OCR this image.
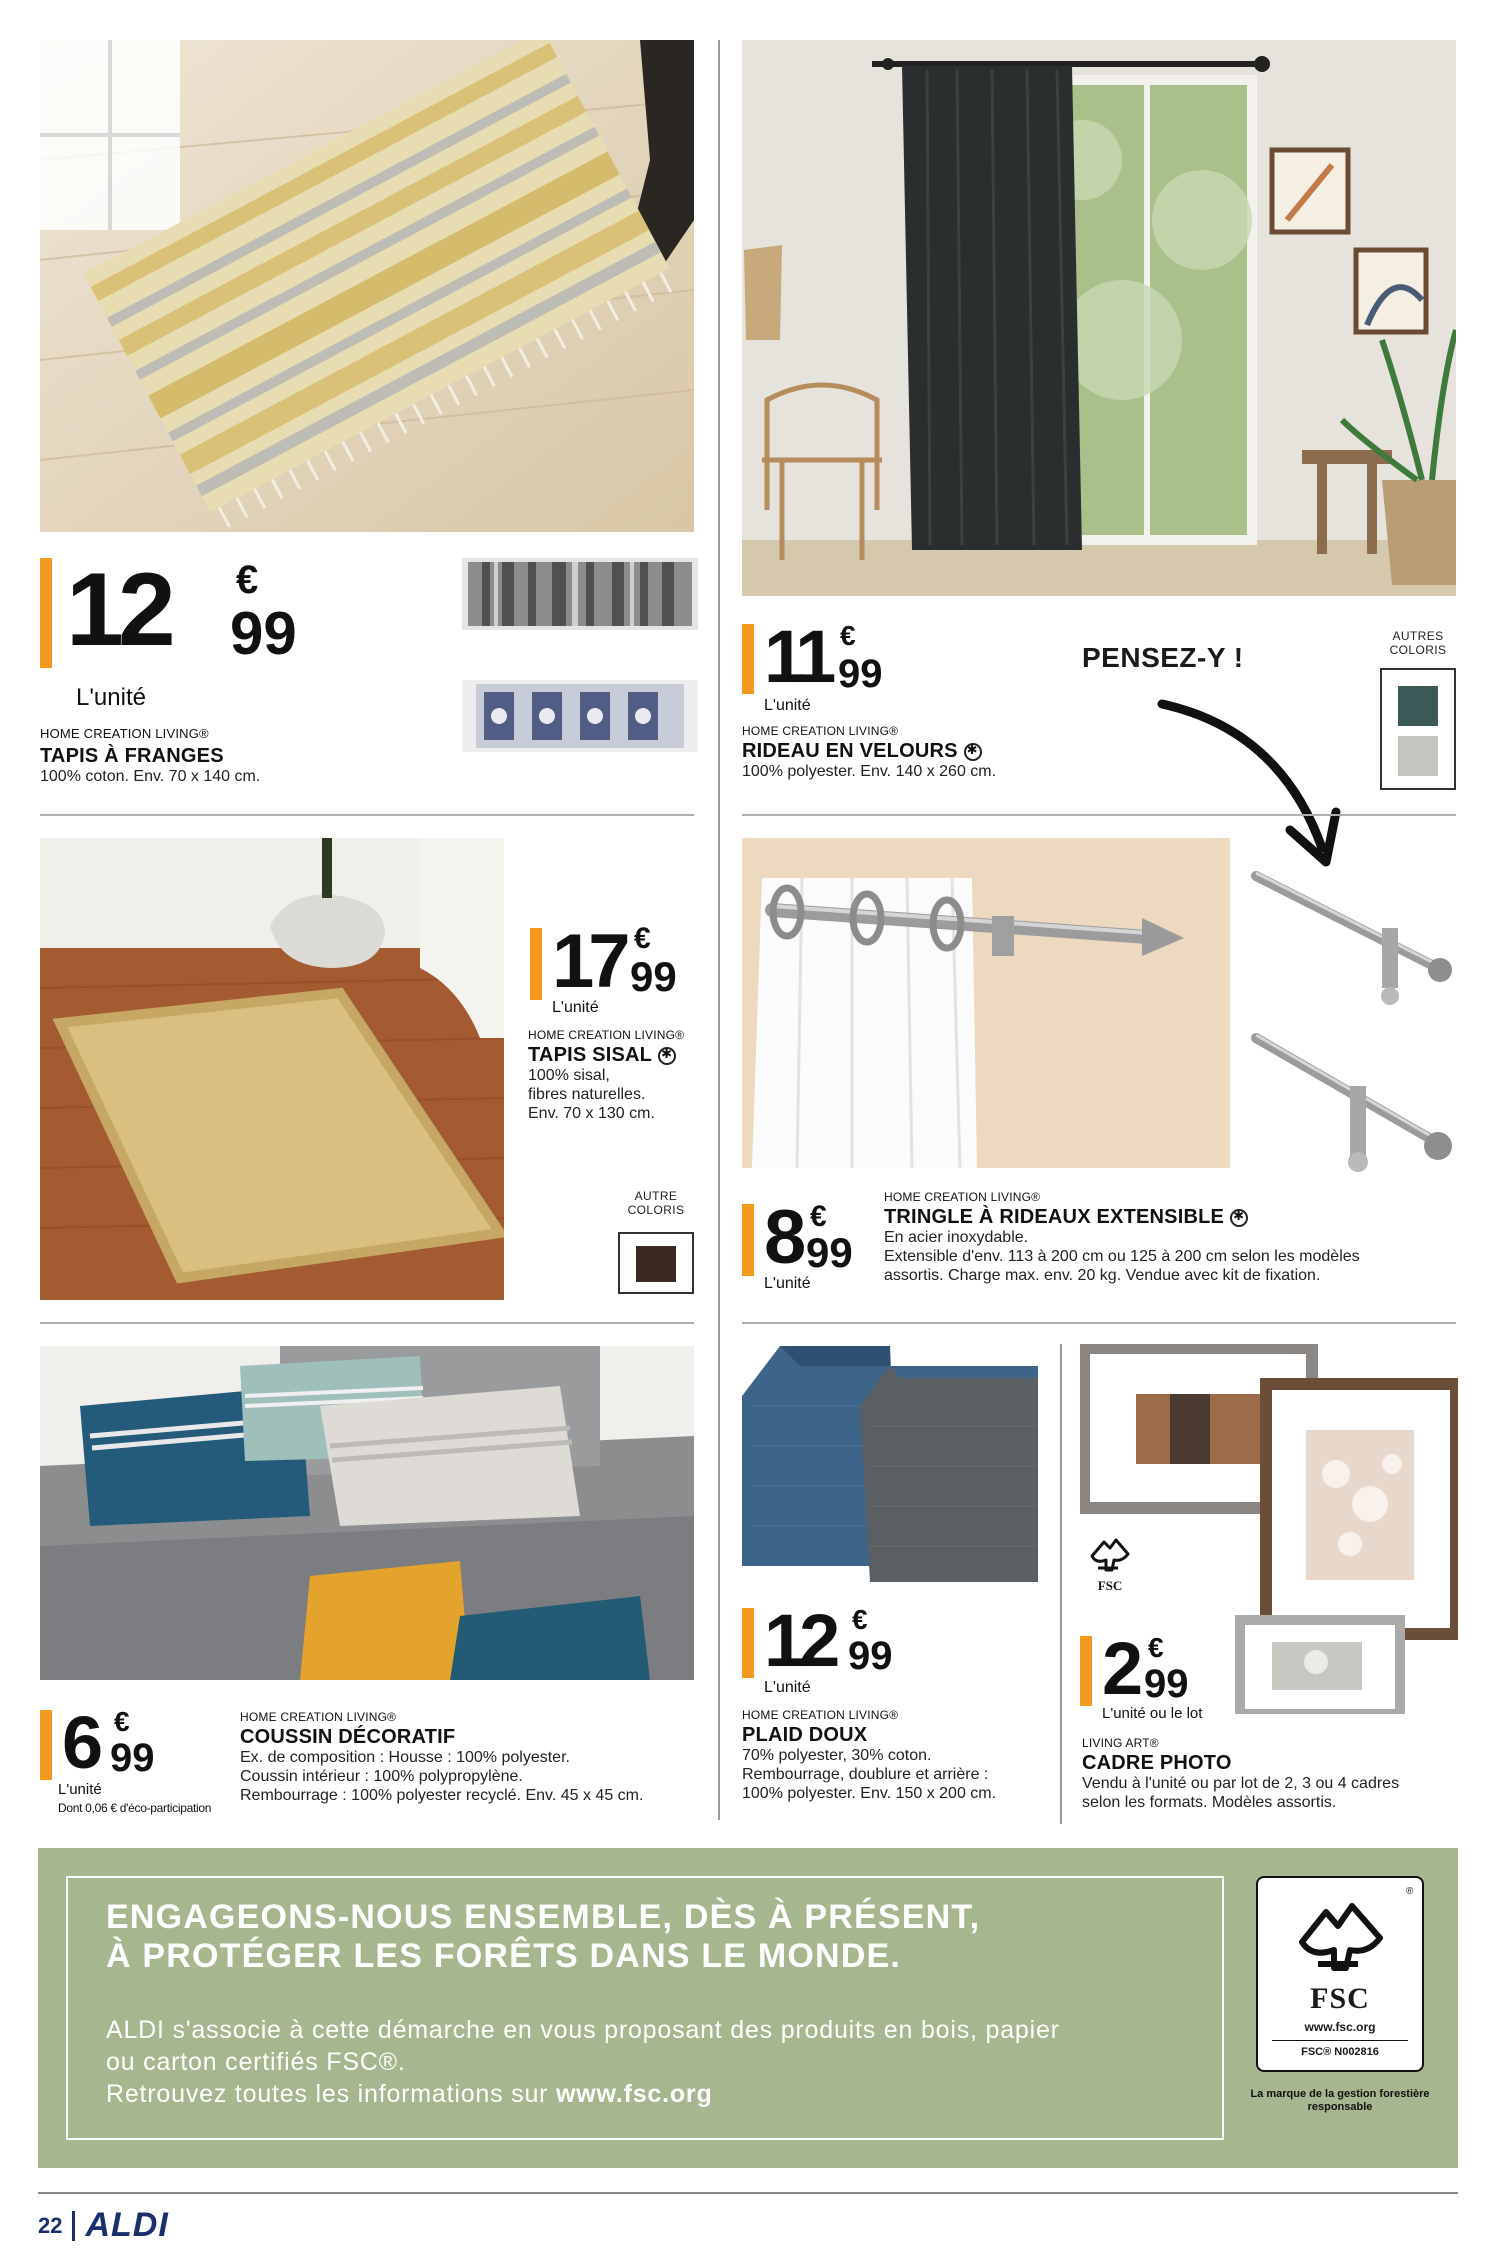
12 €
99
L'unité
HOME CREATION LIVING®
TAPIS À FRANGES
100% coton. Env. 70 x 140 cm.
11 €
99
L'unité
HOME CREATION LIVING®
RIDEAU EN VELOURS
✱
100% polyester. Env. 140 x 260 cm.
PENSEZ-Y !
AUTRES COLORIS
17 €
99
L'unité
HOME CREATION LIVING®
TAPIS SISAL
✱
100% sisal,
fibres naturelles.
Env. 70 x 130 cm.
AUTRE COLORIS 8 €
99
L'unité
HOME CREATION LIVING®
TRINGLE À RIDEAUX EXTENSIBLE
✱
En acier inoxydable.
Extensible d'env. 113 à 200 cm ou 125 à 200 cm selon les modèles
assortis. Charge max. env. 20 kg. Vendue avec kit de fixation.
6 €
99
L'unité
Dont 0,06 € d'éco-participation
HOME CREATION LIVING®
COUSSIN DÉCORATIF
Ex. de composition : Housse : 100% polyester.
Coussin intérieur : 100% polypropylène.
Rembourrage : 100% polyester recyclé. Env. 45 x 45 cm.
12 €
99
L'unité
HOME CREATION LIVING®
PLAID DOUX
70% polyester, 30% coton.
Rembourrage, doublure et arrière :
100% polyester. Env. 150 x 200 cm.
FSC
2 €
99
L'unité ou le lot
LIVING ART®
CADRE PHOTO
Vendu à l'unité ou par lot de 2, 3 ou 4 cadres
selon les formats. Modèles assortis.
ENGAGEONS-NOUS ENSEMBLE, DÈS À PRÉSENT,
À PROTÉGER LES FORÊTS DANS LE MONDE.
ALDI s'associe à cette démarche en vous proposant des produits en bois, papier
ou carton certifiés FSC®.
Retrouvez toutes les informations sur www.fsc.org
®
FSC
www.fsc.org
FSC® N002816
La marque de la gestion forestière responsable
22 ALDI
